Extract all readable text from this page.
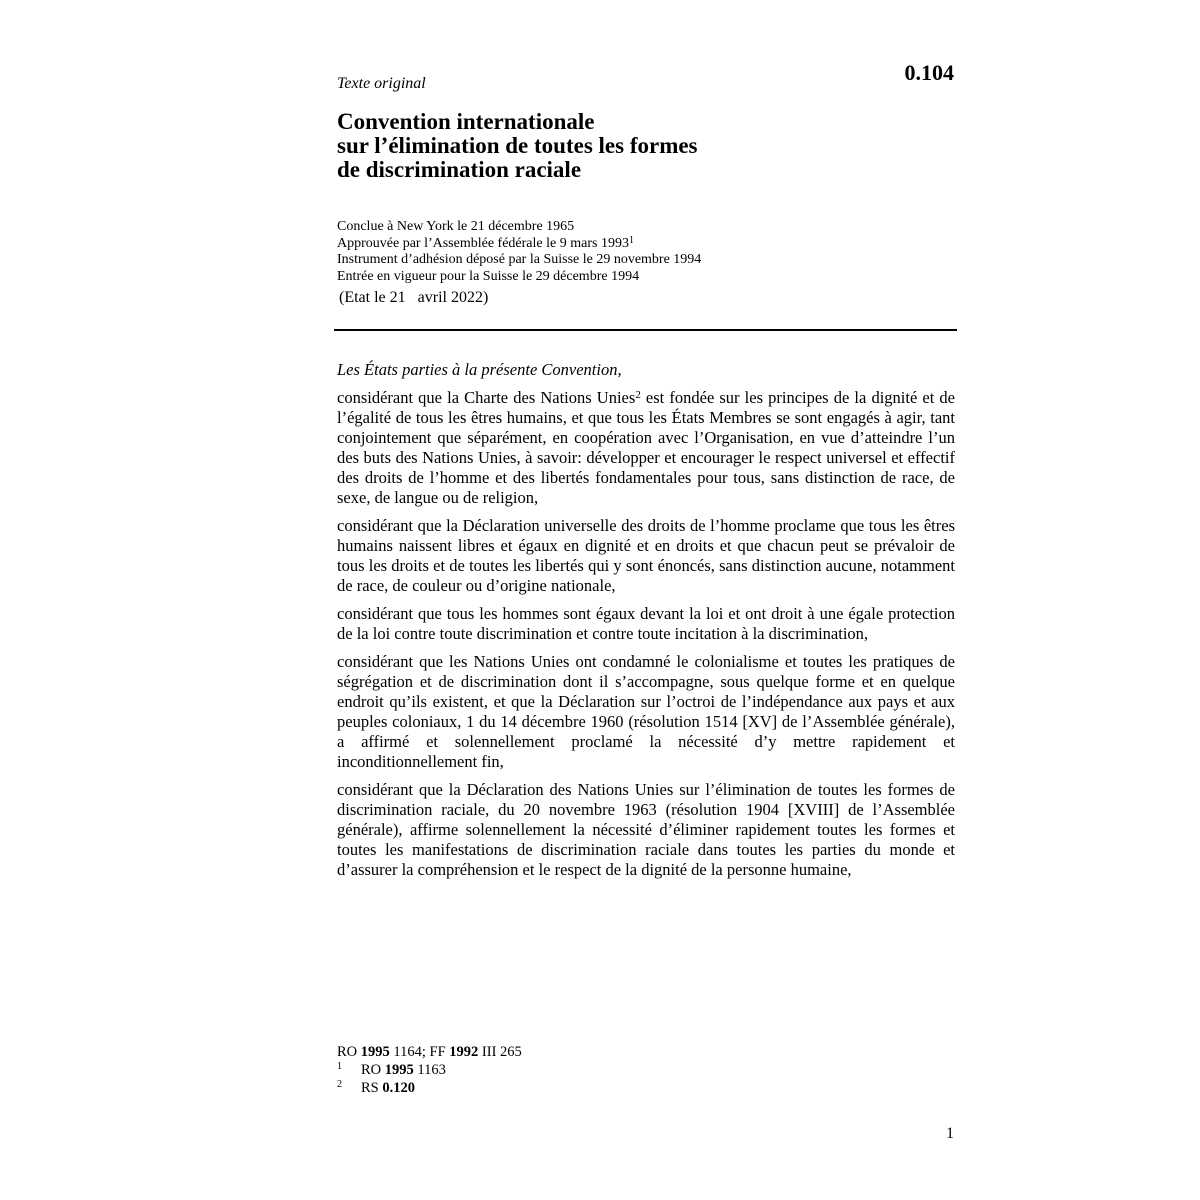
Texte original	0.104
Convention internationale
sur l’élimination de toutes les formes
de discrimination raciale
Conclue à New York le 21 décembre 1965
Approuvée par l’Assemblée fédérale le 9 mars 1993$^1$
Instrument d’adhésion déposé par la Suisse le 29 novembre 1994
Entrée en vigueur pour la Suisse le 29 décembre 1994
(Etat le 21   avril 2022)

Les États parties à la présente Convention,

considérant que la Charte des Nations Unies$^2$ est fondée sur les principes de la dignité et de l’égalité de tous les êtres humains, et que tous les États Membres se sont engagés à agir, tant conjointement que séparément, en coopération avec l’Organisation, en vue d’atteindre l’un des buts des Nations Unies, à savoir: développer et encourager le respect universel et effectif des droits de l’homme et des libertés fondamentales pour tous, sans distinction de race, de sexe, de langue ou de religion,

considérant que la Déclaration universelle des droits de l’homme proclame que tous les êtres humains naissent libres et égaux en dignité et en droits et que chacun peut se prévaloir de tous les droits et de toutes les libertés qui y sont énoncés, sans distinction aucune, notamment de race, de couleur ou d’origine nationale,

considérant que tous les hommes sont égaux devant la loi et ont droit à une égale protection de la loi contre toute discrimination et contre toute incitation à la discrimination,

considérant que les Nations Unies ont condamné le colonialisme et toutes les pratiques de ségrégation et de discrimination dont il s’accompagne, sous quelque forme et en quelque endroit qu’ils existent, et que la Déclaration sur l’octroi de l’indépendance aux pays et aux peuples coloniaux, 1 du 14 décembre 1960 (résolution 1514 [XV] de l’Assemblée générale), a affirmé et solennellement proclamé la nécessité d’y mettre rapidement et inconditionnellement fin,

considérant que la Déclaration des Nations Unies sur l’élimination de toutes les formes de discrimination raciale, du 20 novembre 1963 (résolution 1904 [XVIII] de l’Assemblée générale), affirme solennellement la nécessité d’éliminer rapidement toutes les formes et toutes les manifestations de discrimination raciale dans toutes les parties du monde et d’assurer la compréhension et le respect de la dignité de la personne humaine,

RO 1995 1164; FF 1992 III 265
1 RO 1995 1163
2 RS 0.120
1
